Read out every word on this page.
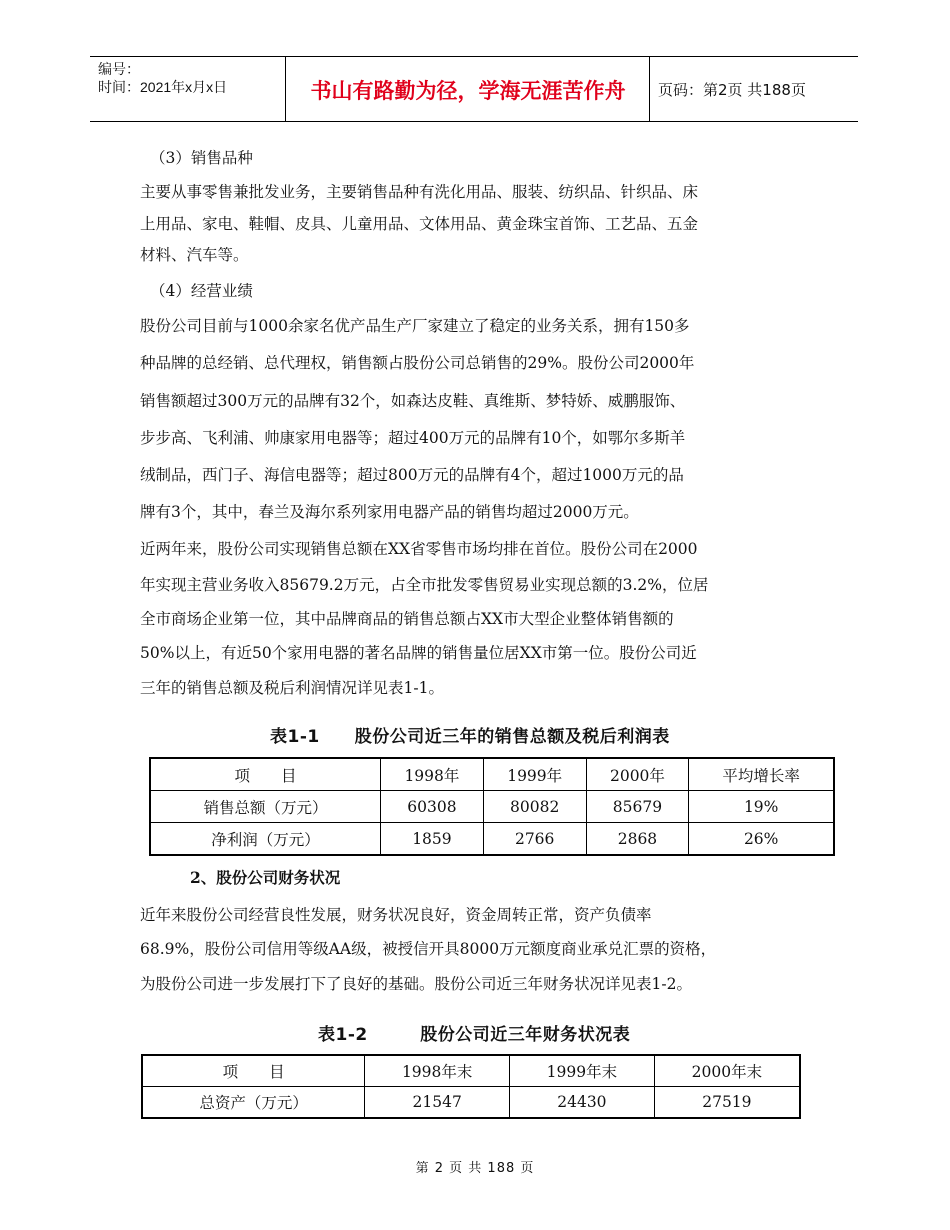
编号：
时间：2021年x月x日	书山有路勤为径，学海无涯苦作舟	页码：第2页 共188页
（3）销售品种
主要从事零售兼批发业务，主要销售品种有洗化用品、服装、纺织品、针织品、床
上用品、家电、鞋帽、皮具、儿童用品、文体用品、黄金珠宝首饰、工艺品、五金
材料、汽车等。
（4）经营业绩
股份公司目前与1000余家名优产品生产厂家建立了稳定的业务关系，拥有150多
种品牌的总经销、总代理权，销售额占股份公司总销售的29%。股份公司2000年
销售额超过300万元的品牌有32个，如森达皮鞋、真维斯、梦特娇、威鹏服饰、
步步高、飞利浦、帅康家用电器等；超过400万元的品牌有10个，如鄂尔多斯羊
绒制品，西门子、海信电器等；超过800万元的品牌有4个，超过1000万元的品
牌有3个，其中，春兰及海尔系列家用电器产品的销售均超过2000万元。
近两年来，股份公司实现销售总额在XX省零售市场均排在首位。股份公司在2000
年实现主营业务收入85679.2万元，占全市批发零售贸易业实现总额的3.2%，位居
全市商场企业第一位，其中品牌商品的销售总额占XX市大型企业整体销售额的
50%以上，有近50个家用电器的著名品牌的销售量位居XX市第一位。股份公司近
三年的销售总额及税后利润情况详见表1-1。
表1-1　　股份公司近三年的销售总额及税后利润表
项　　目	1998年	1999年	2000年	平均增长率
销售总额（万元）	60308	80082	85679	19%
净利润（万元）	1859	2766	2868	26%
2、股份公司财务状况
近年来股份公司经营良性发展，财务状况良好，资金周转正常，资产负债率
68.9%，股份公司信用等级AA级，被授信开具8000万元额度商业承兑汇票的资格，
为股份公司进一步发展打下了良好的基础。股份公司近三年财务状况详见表1-2。
表1-2　　　股份公司近三年财务状况表
项　　目	1998年末	1999年末	2000年末
总资产（万元）	21547	24430	27519
第 2 页 共 188 页
